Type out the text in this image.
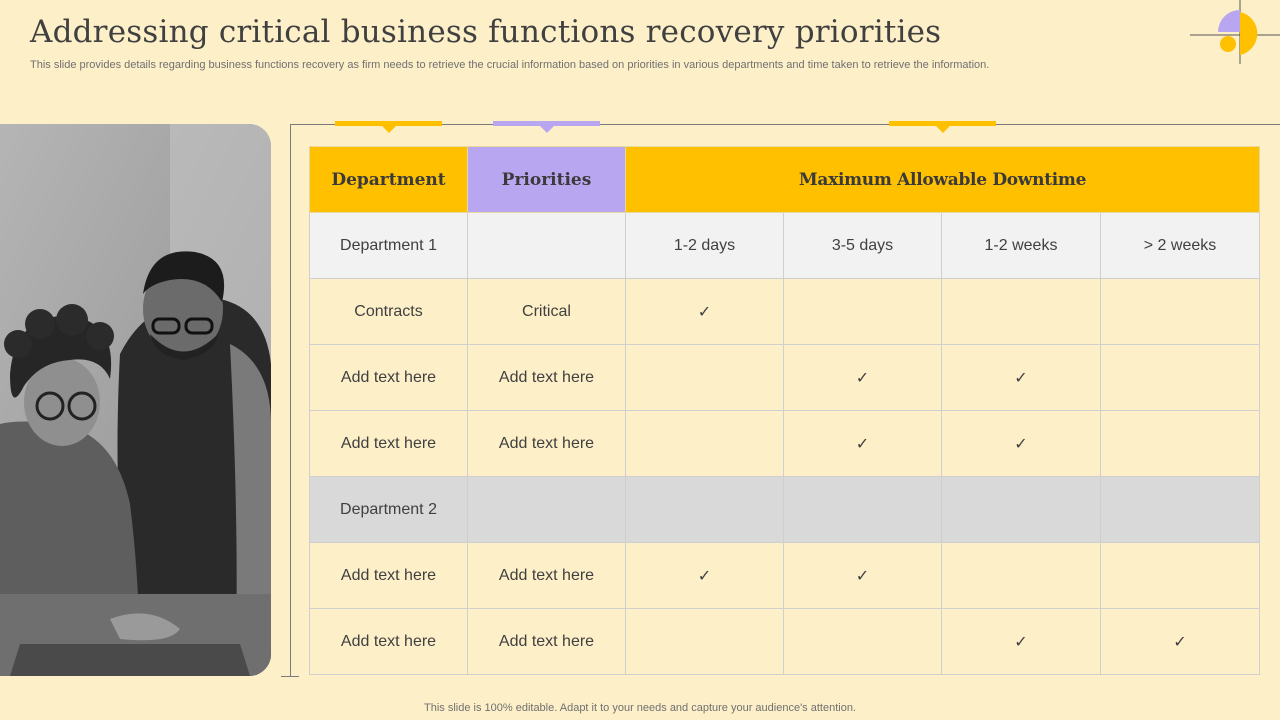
Addressing critical business functions recovery priorities

This slide provides details regarding business functions recovery as firm needs to retrieve the crucial information based on priorities in various departments and time taken to retrieve the information.

Department	Priorities	Maximum Allowable Downtime			
Department 1		1-2 days	3-5 days	1-2 weeks	> 2 weeks
Contracts	Critical	✓			
Add text here	Add text here		✓	✓	
Add text here	Add text here		✓	✓	
Department 2					
Add text here	Add text here	✓	✓		
Add text here	Add text here			✓	✓

This slide is 100% editable. Adapt it to your needs and capture your audience's attention.
